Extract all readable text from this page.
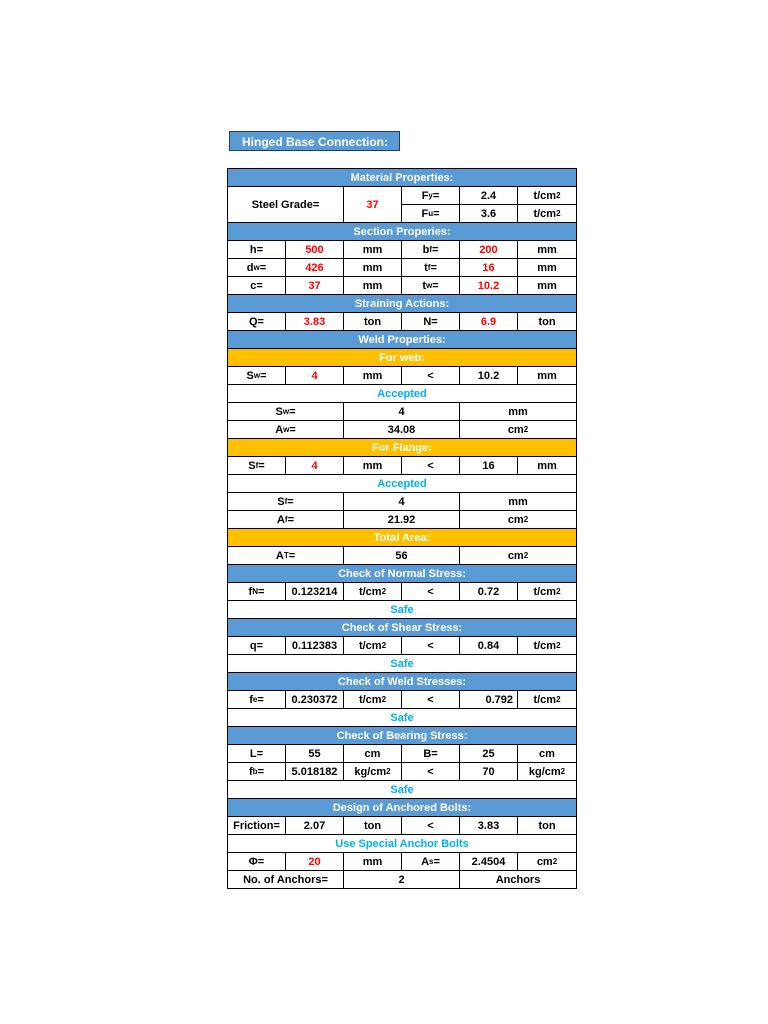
Hinged Base Connection:
Material Properties:
Steel Grade=	37
F y =	2.4	t/cm 2
F u =	3.6	t/cm 2
Section Properies:
h=	500	mm	b f =	200	mm
d w =	426	mm	t f =	16	mm
c=	37	mm	t w =	10.2	mm
Straining Actions:
Q=	3.83	ton	N=	6.9	ton
Weld Properties:
For web:
S w =	4	mm	<	10.2	mm
Accepted
S w =	4	mm
A w =	34.08	cm 2
For Flange:
S f =	4	mm	<	16	mm
Accepted
S f =	4	mm
A f =	21.92	cm 2
Total Area:
A T =	56	cm 2
Check of Normal Stress:
f N =	0.123214	t/cm 2	<	0.72	t/cm 2
Safe
Check of Shear Stress:
q=	0.112383	t/cm 2	<	0.84	t/cm 2
Safe
Check of Weld Stresses:
f e =	0.230372	t/cm 2	<	0.792	t/cm 2
Safe
Check of Bearing Stress:
L=	55	cm	B=	25	cm
f b =	5.018182	kg/cm 2	<	70	kg/cm 2
Safe
Design of Anchored Bolts:
Friction=	2.07	ton	<	3.83	ton
Use Special Anchor Bolts
Φ=	20	mm	A s =	2.4504	cm 2
No. of Anchors=	2	Anchors
